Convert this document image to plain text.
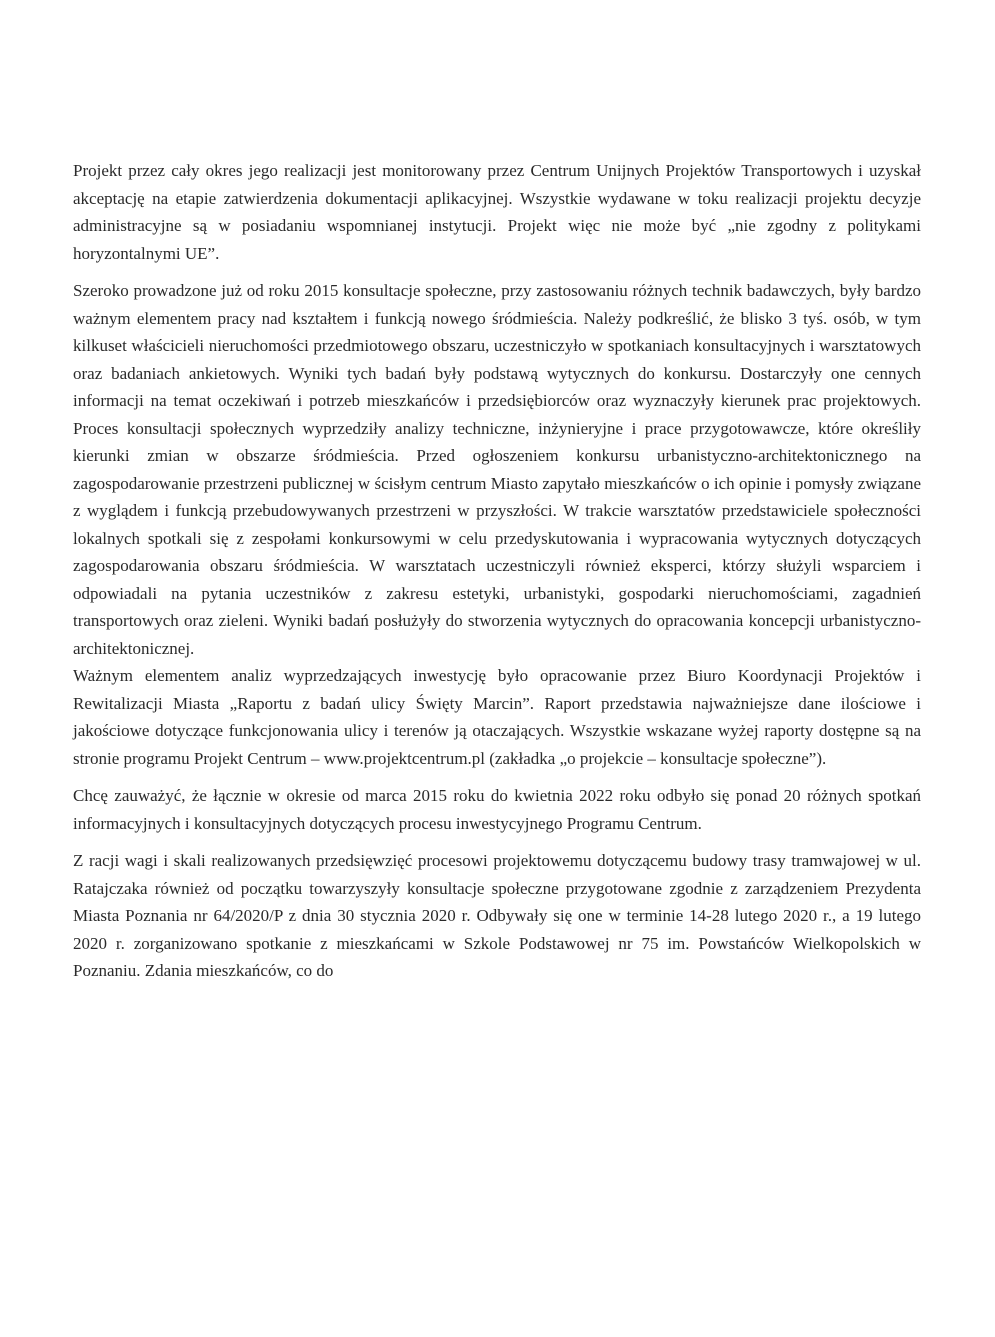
Projekt przez cały okres jego realizacji jest monitorowany przez Centrum Unijnych Projektów Transportowych i uzyskał akceptację na etapie zatwierdzenia dokumentacji aplikacyjnej. Wszystkie wydawane w toku realizacji projektu decyzje administracyjne są w posiadaniu wspomnianej instytucji. Projekt więc nie może być „nie zgodny z politykami horyzontalnymi UE”.

Szeroko prowadzone już od roku 2015 konsultacje społeczne, przy zastosowaniu różnych technik badawczych, były bardzo ważnym elementem pracy nad kształtem i funkcją nowego śródmieścia. Należy podkreślić, że blisko 3 tyś. osób, w tym kilkuset właścicieli nieruchomości przedmiotowego obszaru, uczestniczyło w spotkaniach konsultacyjnych i warsztatowych oraz badaniach ankietowych. Wyniki tych badań były podstawą wytycznych do konkursu. Dostarczyły one cennych informacji na temat oczekiwań i potrzeb mieszkańców i przedsiębiorców oraz wyznaczyły kierunek prac projektowych. Proces konsultacji społecznych wyprzedziły analizy techniczne, inżynieryjne i prace przygotowawcze, które określiły kierunki zmian w obszarze śródmieścia. Przed ogłoszeniem konkursu urbanistyczno-architektonicznego na zagospodarowanie przestrzeni publicznej w ścisłym centrum Miasto zapytało mieszkańców o ich opinie i pomysły związane z wyglądem i funkcją przebudowywanych przestrzeni w przyszłości. W trakcie warsztatów przedstawiciele społeczności lokalnych spotkali się z zespołami konkursowymi w celu przedyskutowania i wypracowania wytycznych dotyczących zagospodarowania obszaru śródmieścia. W warsztatach uczestniczyli również eksperci, którzy służyli wsparciem i odpowiadali na pytania uczestników z zakresu estetyki, urbanistyki, gospodarki nieruchomościami, zagadnień transportowych oraz zieleni. Wyniki badań posłużyły do stworzenia wytycznych do opracowania koncepcji urbanistyczno-architektonicznej.

Ważnym elementem analiz wyprzedzających inwestycję było opracowanie przez Biuro Koordynacji Projektów i Rewitalizacji Miasta „Raportu z badań ulicy Święty Marcin”. Raport przedstawia najważniejsze dane ilościowe i jakościowe dotyczące funkcjonowania ulicy i terenów ją otaczających. Wszystkie wskazane wyżej raporty dostępne są na stronie programu Projekt Centrum – www.projektcentrum.pl (zakładka „o projekcie – konsultacje społeczne”).

Chcę zauważyć, że łącznie w okresie od marca 2015 roku do kwietnia 2022 roku odbyło się ponad 20 różnych spotkań informacyjnych i konsultacyjnych dotyczących procesu inwestycyjnego Programu Centrum.

Z racji wagi i skali realizowanych przedsięwzięć procesowi projektowemu dotyczącemu budowy trasy tramwajowej w ul. Ratajczaka również od początku towarzyszyły konsultacje społeczne przygotowane zgodnie z zarządzeniem Prezydenta Miasta Poznania nr 64/2020/P z dnia 30 stycznia 2020 r. Odbywały się one w terminie 14-28 lutego 2020 r., a 19 lutego 2020 r. zorganizowano spotkanie z mieszkańcami w Szkole Podstawowej nr 75 im. Powstańców Wielkopolskich w Poznaniu. Zdania mieszkańców, co do
